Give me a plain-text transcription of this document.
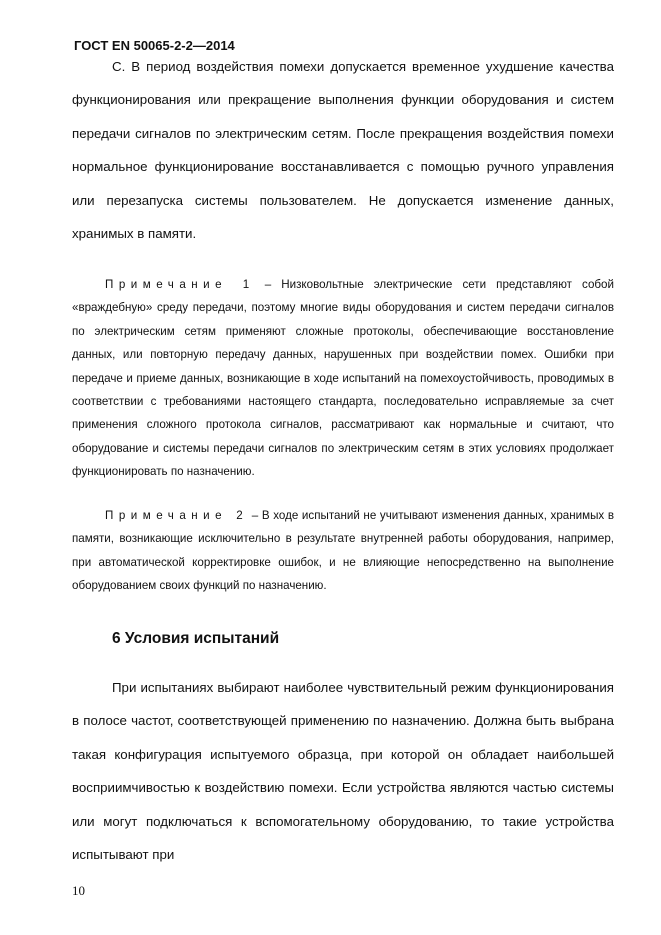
ГОСТ EN 50065-2-2—2014

С. В период воздействия помехи допускается временное ухудшение качества функционирования или прекращение выполнения функции оборудования и систем передачи сигналов по электрическим сетям. После прекращения воздействия помехи нормальное функционирование восстанавливается с помощью ручного управления или перезапуска системы пользователем. Не допускается изменение данных, хранимых в памяти.

Примечание 1 – Низковольтные электрические сети представляют собой «враждебную» среду передачи, поэтому многие виды оборудования и систем передачи сигналов по электрическим сетям применяют сложные протоколы, обеспечивающие восстановление данных, или повторную передачу данных, нарушенных при воздействии помех. Ошибки при передаче и приеме данных, возникающие в ходе испытаний на помехоустойчивость, проводимых в соответствии с требованиями настоящего стандарта, последовательно исправляемые за счет применения сложного протокола сигналов, рассматривают как нормальные и считают, что оборудование и системы передачи сигналов по электрическим сетям в этих условиях продолжает функционировать по назначению.

Примечание 2 – В ходе испытаний не учитывают изменения данных, хранимых в памяти, возникающие исключительно в результате внутренней работы оборудования, например, при автоматической корректировке ошибок, и не влияющие непосредственно на выполнение оборудованием своих функций по назначению.

6 Условия испытаний

При испытаниях выбирают наиболее чувствительный режим функционирования в полосе частот, соответствующей применению по назначению. Должна быть выбрана такая конфигурация испытуемого образца, при которой он обладает наибольшей восприимчивостью к воздействию помехи. Если устройства являются частью системы или могут подключаться к вспомогательному оборудованию, то такие устройства испытывают при

10
